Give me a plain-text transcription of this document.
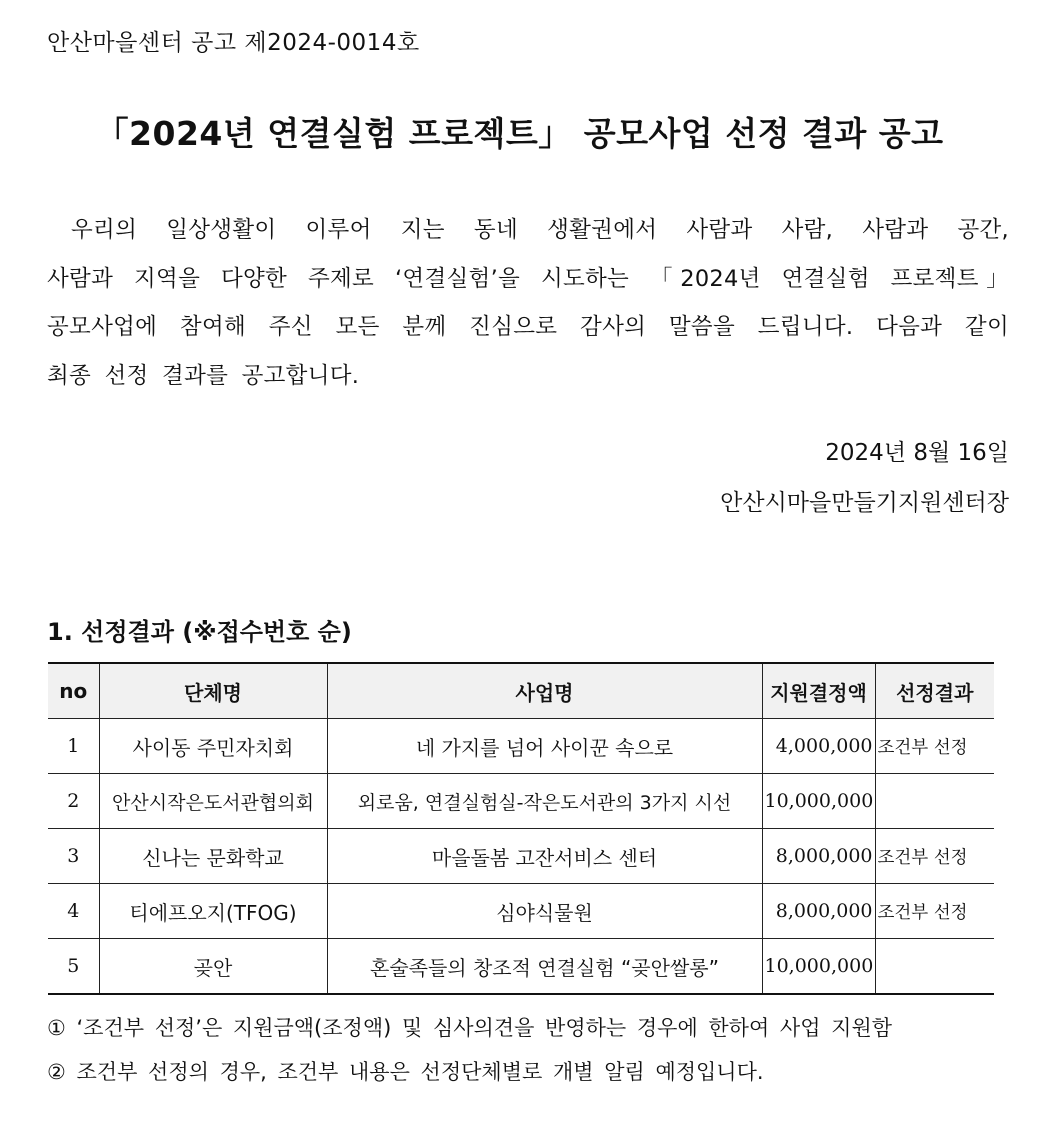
안산마을센터 공고 제2024-0014호
「2024년 연결실험 프로젝트」 공모사업 선정 결과 공고
우리의 일상생활이 이루어 지는 동네 생활권에서 사람과 사람, 사람과 공간,
사람과 지역을 다양한 주제로 ‘연결실험’을 시도하는 「2024년 연결실험 프로젝트」
공모사업에 참여해 주신 모든 분께 진심으로 감사의 말씀을 드립니다. 다음과 같이
최종 선정 결과를 공고합니다.
2024년 8월 16일
안산시마을만들기지원센터장
1. 선정결과 (※접수번호 순)
no	단체명	사업명	지원결정액	선정결과
1	사이동 주민자치회	네 가지를 넘어 사이꾼 속으로	4,000,000	조건부 선정
2	안산시작은도서관협의회	외로움, 연결실험실-작은도서관의 3가지 시선	10,000,000	
3	신나는 문화학교	마을돌봄 고잔서비스 센터	8,000,000	조건부 선정
4	티에프오지(TFOG)	심야식물원	8,000,000	조건부 선정
5	곶안	혼술족들의 창조적 연결실험 “곶안쌀롱”	10,000,000	
① ‘조건부 선정’은 지원금액(조정액) 및 심사의견을 반영하는 경우에 한하여 사업 지원함
② 조건부 선정의 경우, 조건부 내용은 선정단체별로 개별 알림 예정입니다.
